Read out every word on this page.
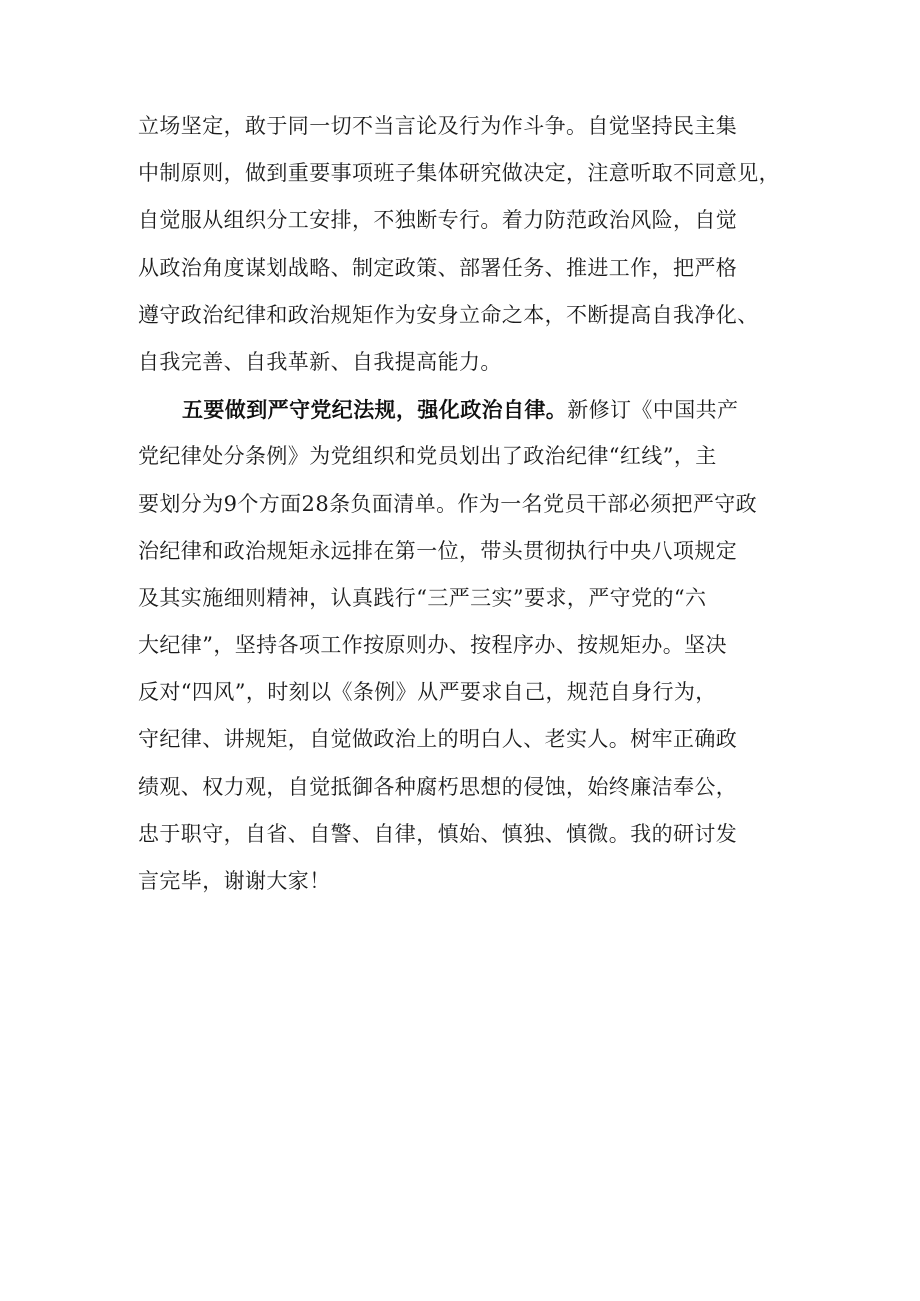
立场坚定，敢于同一切不当言论及行为作斗争。自觉坚持民主集
中制原则，做到重要事项班子集体研究做决定，注意听取不同意见，
自觉服从组织分工安排，不独断专行。着力防范政治风险，自觉
从政治角度谋划战略、制定政策、部署任务、推进工作，把严格
遵守政治纪律和政治规矩作为安身立命之本，不断提高自我净化、
自我完善、自我革新、自我提高能力。
五要做到严守党纪法规，强化政治自律。新修订《中国共产
党纪律处分条例》为党组织和党员划出了政治纪律“红线”，主
要划分为9个方面28条负面清单。作为一名党员干部必须把严守政
治纪律和政治规矩永远排在第一位，带头贯彻执行中央八项规定
及其实施细则精神，认真践行“三严三实”要求，严守党的“六
大纪律”，坚持各项工作按原则办、按程序办、按规矩办。坚决
反对“四风”，时刻以《条例》从严要求自己，规范自身行为，
守纪律、讲规矩，自觉做政治上的明白人、老实人。树牢正确政
绩观、权力观，自觉抵御各种腐朽思想的侵蚀，始终廉洁奉公，
忠于职守，自省、自警、自律，慎始、慎独、慎微。我的研讨发
言完毕，谢谢大家！
